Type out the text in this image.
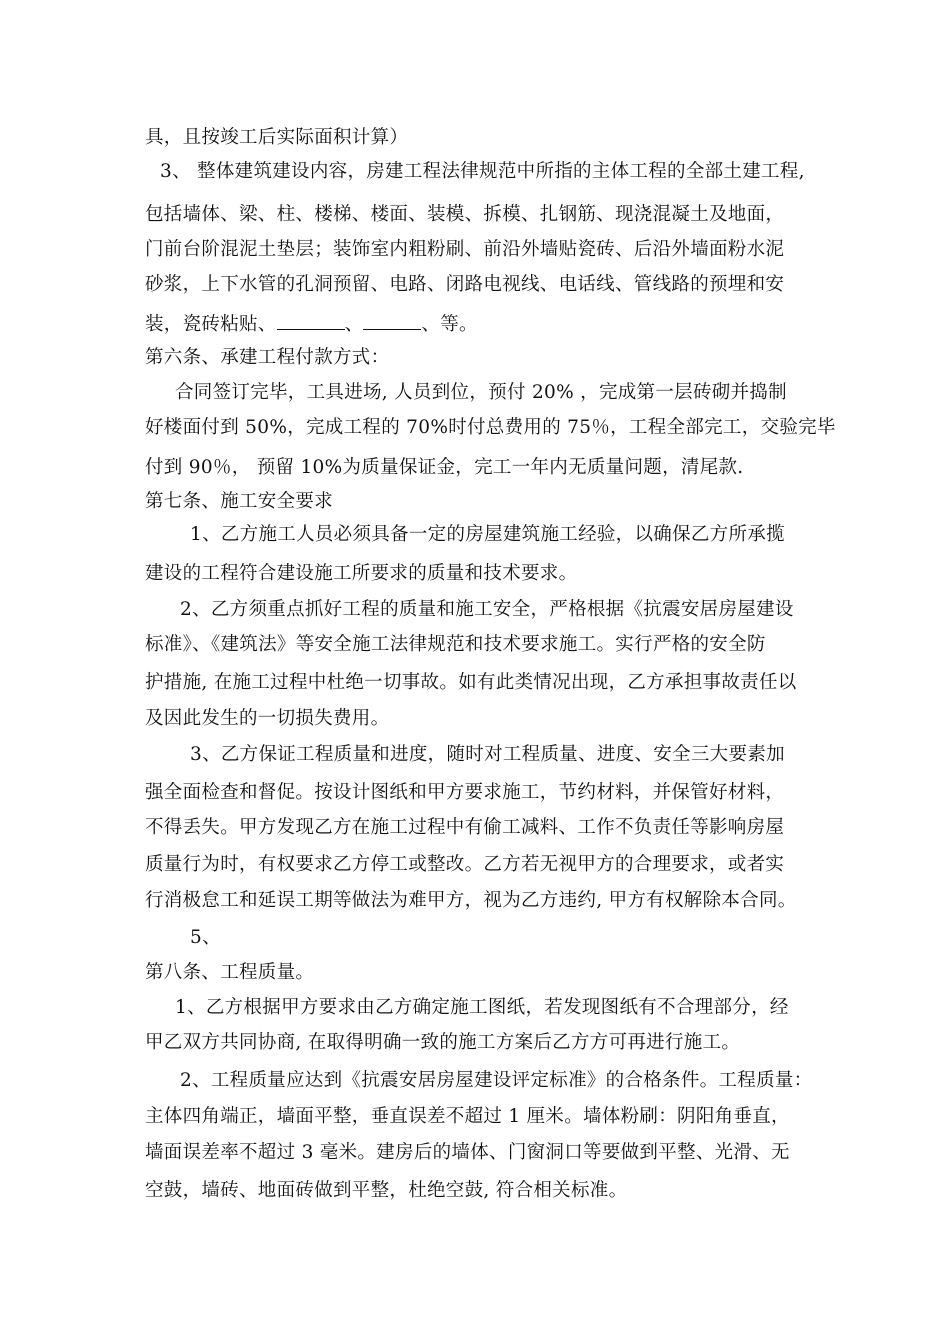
具，且按竣工后实际面积计算）
3、 整体建筑建设内容，房建工程法律规范中所指的主体工程的全部土建工程,
包括墙体、梁、柱、楼梯、楼面、装模、拆模、扎钢筋、现浇混凝土及地面，
门前台阶混泥土垫层；装饰室内粗粉刷、前沿外墙贴瓷砖、后沿外墙面粉水泥
砂浆，上下水管的孔洞预留、电路、闭路电视线、电话线、管线路的预埋和安
装，瓷砖粘贴、	、	、等。
第六条、承建工程付款方式：
合同签订完毕，工具进场, 人员到位，预付 20% ，完成第一层砖砌并捣制
好楼面付到 50%，完成工程的 70%时付总费用的 75％，工程全部完工，交验完毕
付到 90％， 预留 10%为质量保证金，完工一年内无质量问题，清尾款.
第七条、施工安全要求
1、乙方施工人员必须具备一定的房屋建筑施工经验，以确保乙方所承揽
建设的工程符合建设施工所要求的质量和技术要求。
2、乙方须重点抓好工程的质量和施工安全，严格根据《抗震安居房屋建设
标准》、《建筑法》等安全施工法律规范和技术要求施工。实行严格的安全防
护措施, 在施工过程中杜绝一切事故。如有此类情况出现，乙方承担事故责任以
及因此发生的一切损失费用。
3、乙方保证工程质量和进度，随时对工程质量、进度、安全三大要素加
强全面检查和督促。按设计图纸和甲方要求施工，节约材料，并保管好材料，
不得丢失。甲方发现乙方在施工过程中有偷工减料、工作不负责任等影响房屋
质量行为时，有权要求乙方停工或整改。乙方若无视甲方的合理要求，或者实
行消极怠工和延误工期等做法为难甲方，视为乙方违约, 甲方有权解除本合同。
5、
第八条、工程质量。
1、乙方根据甲方要求由乙方确定施工图纸，若发现图纸有不合理部分，经
甲乙双方共同协商, 在取得明确一致的施工方案后乙方方可再进行施工。
2、工程质量应达到《抗震安居房屋建设评定标准》的合格条件。工程质量：
主体四角端正，墙面平整，垂直误差不超过 1 厘米。墙体粉刷：阴阳角垂直，
墙面误差率不超过 3 毫米。建房后的墙体、门窗洞口等要做到平整、光滑、无
空鼓，墙砖、地面砖做到平整，杜绝空鼓, 符合相关标准。
